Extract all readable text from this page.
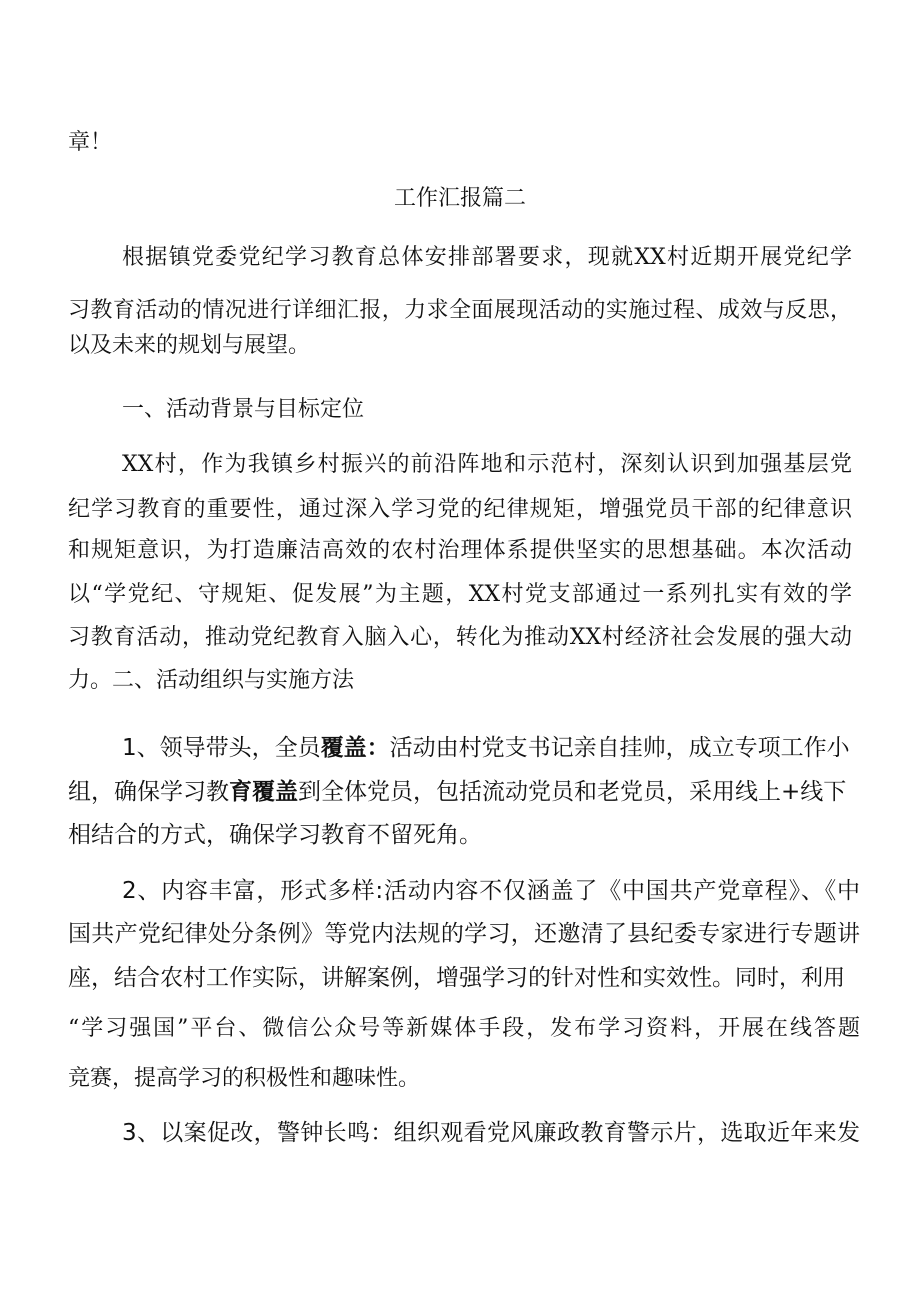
章！

工作汇报篇二

根据镇党委党纪学习教育总体安排部署要求，现就XX村近期开展党纪学

习教育活动的情况进行详细汇报，力求全面展现活动的实施过程、成效与反思，

以及未来的规划与展望。

一、活动背景与目标定位

XX村，作为我镇乡村振兴的前沿阵地和示范村，深刻认识到加强基层党

纪学习教育的重要性，通过深入学习党的纪律规矩，增强党员干部的纪律意识

和规矩意识，为打造廉洁高效的农村治理体系提供坚实的思想基础。本次活动

以“学党纪、守规矩、促发展”为主题，XX村党支部通过一系列扎实有效的学

习教育活动，推动党纪教育入脑入心，转化为推动XX村经济社会发展的强大动

力。二、活动组织与实施方法

1、领导带头，全员覆盖：活动由村党支书记亲自挂帅，成立专项工作小

组，确保学习教育覆盖到全体党员，包括流动党员和老党员，采用线上+线下

相结合的方式，确保学习教育不留死角。

2、内容丰富，形式多样:活动内容不仅涵盖了《中国共产党章程》、《中

国共产党纪律处分条例》等党内法规的学习，还邀清了县纪委专家进行专题讲

座，结合农村工作实际，讲解案例，增强学习的针对性和实效性。同时，利用

“学习强国”平台、微信公众号等新媒体手段，发布学习资料，开展在线答题

竞赛，提高学习的积极性和趣味性。

3、以案促改，警钟长鸣：组织观看党风廉政教育警示片，选取近年来发
